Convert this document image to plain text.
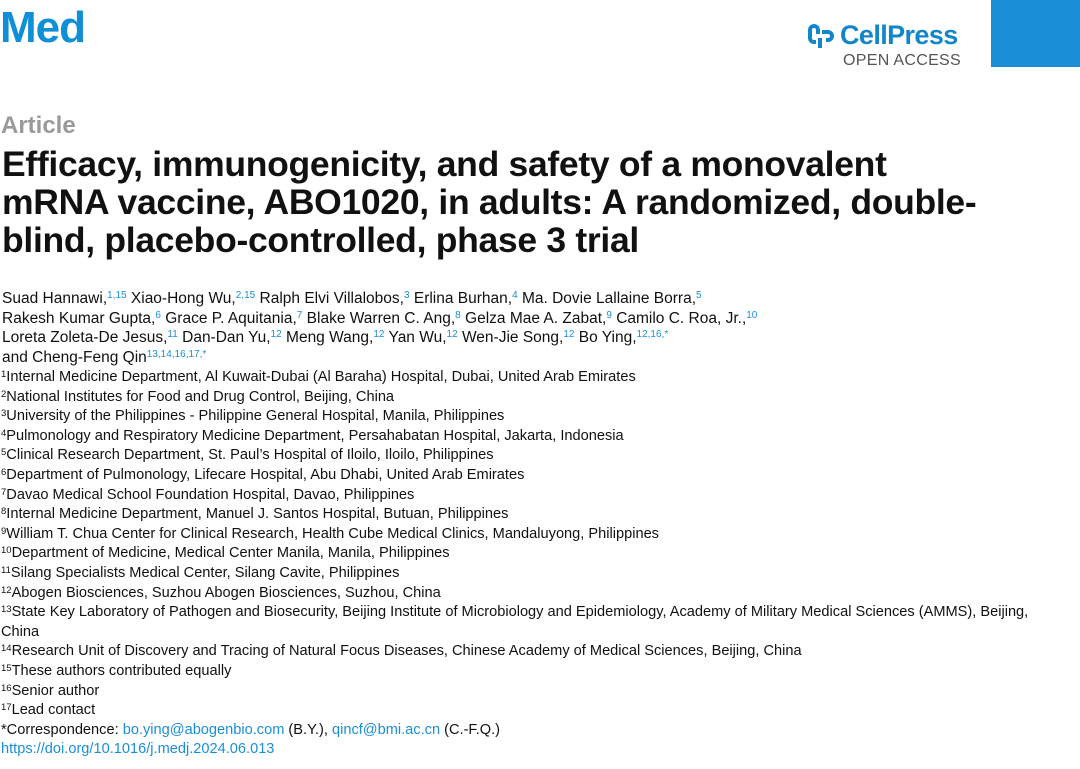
Med	CellPress
OPEN ACCESS
Article
Efficacy, immunogenicity, and safety of a monovalent mRNA vaccine, ABO1020, in adults: A randomized, double-blind, placebo-controlled, phase 3 trial
Suad Hannawi,$^{1,15}$ Xiao-Hong Wu,$^{2,15}$ Ralph Elvi Villalobos,$^3$ Erlina Burhan,$^4$ Ma. Dovie Lallaine Borra,$^5$
Rakesh Kumar Gupta,$^6$ Grace P. Aquitania,$^7$ Blake Warren C. Ang,$^8$ Gelza Mae A. Zabat,$^9$ Camilo C. Roa, Jr.,$^{10}$
Loreta Zoleta-De Jesus,$^{11}$ Dan-Dan Yu,$^{12}$ Meng Wang,$^{12}$ Yan Wu,$^{12}$ Wen-Jie Song,$^{12}$ Bo Ying,$^{12,16,*}$
and Cheng-Feng Qin$^{13,14,16,17,*}$

$^1$Internal Medicine Department, Al Kuwait-Dubai (Al Baraha) Hospital, Dubai, United Arab Emirates

$^2$National Institutes for Food and Drug Control, Beijing, China

$^3$University of the Philippines - Philippine General Hospital, Manila, Philippines

$^4$Pulmonology and Respiratory Medicine Department, Persahabatan Hospital, Jakarta, Indonesia

$^5$Clinical Research Department, St. Paul’s Hospital of Iloilo, Iloilo, Philippines

$^6$Department of Pulmonology, Lifecare Hospital, Abu Dhabi, United Arab Emirates

$^7$Davao Medical School Foundation Hospital, Davao, Philippines

$^8$Internal Medicine Department, Manuel J. Santos Hospital, Butuan, Philippines

$^9$William T. Chua Center for Clinical Research, Health Cube Medical Clinics, Mandaluyong, Philippines

$^{10}$Department of Medicine, Medical Center Manila, Manila, Philippines

$^{11}$Silang Specialists Medical Center, Silang Cavite, Philippines

$^{12}$Abogen Biosciences, Suzhou Abogen Biosciences, Suzhou, China

$^{13}$State Key Laboratory of Pathogen and Biosecurity, Beijing Institute of Microbiology and Epidemiology, Academy of Military Medical Sciences (AMMS), Beijing, China

$^{14}$Research Unit of Discovery and Tracing of Natural Focus Diseases, Chinese Academy of Medical Sciences, Beijing, China

$^{15}$These authors contributed equally

$^{16}$Senior author

$^{17}$Lead contact

*Correspondence: bo.ying@abogenbio.com (B.Y.), qincf@bmi.ac.cn (C.-F.Q.)

https://doi.org/10.1016/j.medj.2024.06.013
